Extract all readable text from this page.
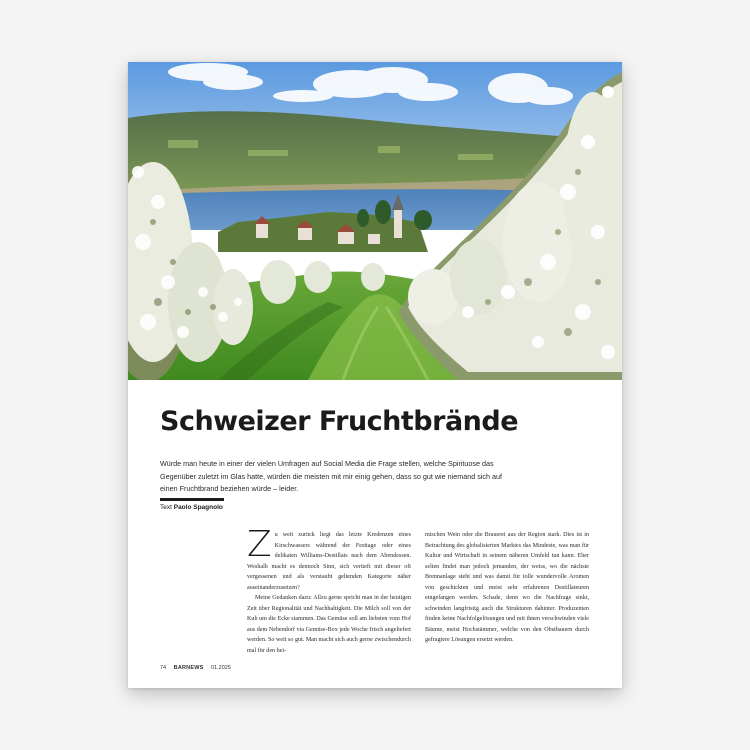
Schweizer Fruchtbrände

Würde man heute in einer der vielen Umfragen auf Social Media die Frage stellen, welche Spirituose das Gegenüber zuletzt im Glas hatte, würden die meisten mit mir einig gehen, dass so gut wie niemand sich auf einen Fruchtbrand beziehen würde – leider.

Text Paolo Spagnolo

Zu weit zurück liegt das letzte Kredenzen eines Kirschwassers während der Festtage oder eines delikaten Williams-Destillats nach dem Abendessen. Weshalb macht es dennoch Sinn, sich vertieft mit dieser oft vergessenen und als verstaubt geltenden Kategorie näher auseinanderzusetzen?

Meine Gedanken dazu: Allzu gerne spricht man in der heutigen Zeit über Regionalität und Nachhaltigkeit. Die Milch soll von der Kuh um die Ecke stammen. Das Gemüse soll am liebsten vom Hof aus dem Nebendorf via Gemüse-Box jede Woche frisch angeliefert werden. So weit so gut. Man macht sich auch gerne zwischendurch mal für den hei-

mischen Wein oder die Brauerei aus der Region stark. Dies ist in Betrachtung des globalisierten Marktes das Mindeste, was man für Kultur und Wirtschaft in seinem näheren Umfeld tun kann. Eher selten findet man jedoch jemanden, der weiss, wo die nächste Brennanlage steht und was damit für tolle wundervolle Aromen von geschickten und meist sehr erfahrenen Destillateuren eingefangen werden. Schade, denn wo die Nachfrage sinkt, schwinden langfristig auch die Strukturen dahinter. Produzenten finden keine Nachfolgelösungen und mit ihnen verschwinden viele Bäume, meist Hochstämmer, welche von den Obstbauern durch gefragtere Lösungen ersetzt werden.

74 BARNEWS 01.2025
